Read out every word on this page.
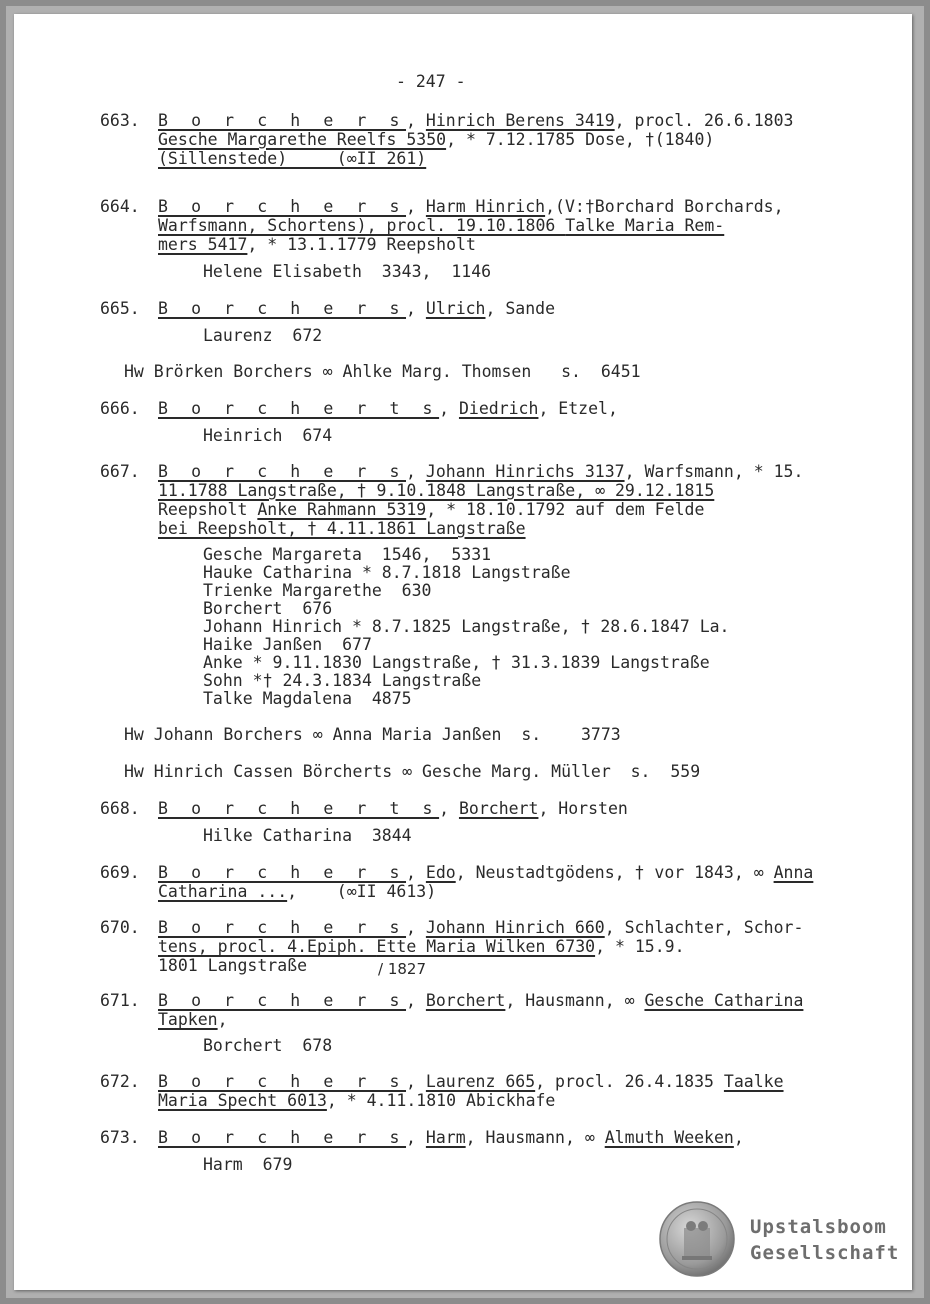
- 247 -
663. B o r c h e r s, Hinrich Berens 3419, procl. 26.6.1803
Gesche Margarethe Reelfs 5350, * 7.12.1785 Dose, †(1840)
(Sillenstede)     (∞II 261)
664. B o r c h e r s, Harm Hinrich,(V:†Borchard Borchards,
Warfsmann, Schortens), procl. 19.10.1806 Talke Maria Rem-
mers 5417, * 13.1.1779 Reepsholt
Helene Elisabeth  3343,  1146
665. B o r c h e r s, Ulrich, Sande
Laurenz  672
Hw Brörken Borchers ∞ Ahlke Marg. Thomsen   s.  6451
666. B o r c h e r t s, Diedrich, Etzel,
Heinrich  674
667. B o r c h e r s, Johann Hinrichs 3137, Warfsmann, * 15.
11.1788 Langstraße, † 9.10.1848 Langstraße, ∞ 29.12.1815
Reepsholt Anke Rahmann 5319, * 18.10.1792 auf dem Felde
bei Reepsholt, † 4.11.1861 Langstraße
Gesche Margareta  1546,  5331
Hauke Catharina * 8.7.1818 Langstraße
Trienke Margarethe  630
Borchert  676
Johann Hinrich * 8.7.1825 Langstraße, † 28.6.1847 La.
Haike Janßen  677
Anke * 9.11.1830 Langstraße, † 31.3.1839 Langstraße
Sohn *† 24.3.1834 Langstraße
Talke Magdalena  4875
Hw Johann Borchers ∞ Anna Maria Janßen  s.    3773
Hw Hinrich Cassen Börcherts ∞ Gesche Marg. Müller  s.  559
668. B o r c h e r t s, Borchert, Horsten
Hilke Catharina  3844
669. B o r c h e r s, Edo, Neustadtgödens, † vor 1843, ∞ Anna
Catharina ...,    (∞II 4613)
670. B o r c h e r s, Johann Hinrich 660, Schlachter, Schor-
tens, procl. 4.Epiph. Ette Maria Wilken 6730, * 15.9.
1801 Langstraße	/ 1827
671. B o r c h e r s, Borchert, Hausmann, ∞ Gesche Catharina
Tapken,
Borchert  678
672. B o r c h e r s, Laurenz 665, procl. 26.4.1835 Taalke
Maria Specht 6013, * 4.11.1810 Abickhafe
673. B o r c h e r s, Harm, Hausmann, ∞ Almuth Weeken,
Harm  679
Upstalsboom
Gesellschaft
